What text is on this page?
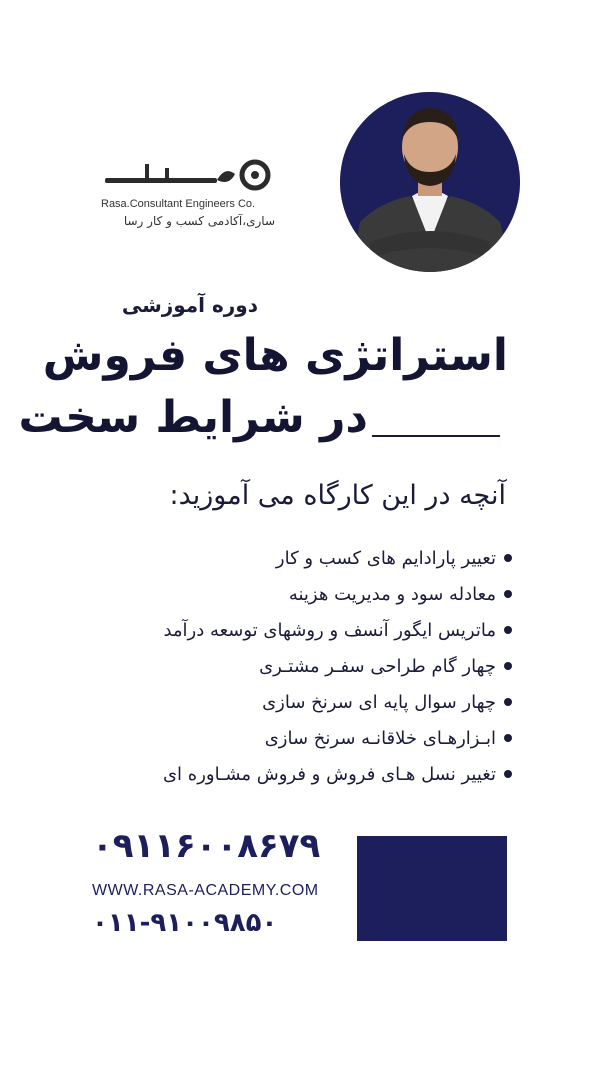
Rasa.Consultant Engineers Co.
ساری،آکادمی کسب و کار رسا
دوره آموزشی
استراتژی های فروش
در شرایط سخت
آنچه در این کارگاه می آموزید:
تعییر پارادایم های کسب و کار
معادله سود و مدیریت هزینه
ماتریس ایگور آنسف و روشهای توسعه درآمد
چهار گام طراحی سفـر مشتـری
چهار سوال پایه ای سرنخ سازی
ابـزارهـای خلاقانـه سرنخ سازی
تغییر نسل هـای فروش و فروش مشـاوره ای
۰۹۱۱۶۰۰۸۶۷۹
WWW.RASA-ACADEMY.COM
۰۱۱-۹۱۰۰۹۸۵۰
